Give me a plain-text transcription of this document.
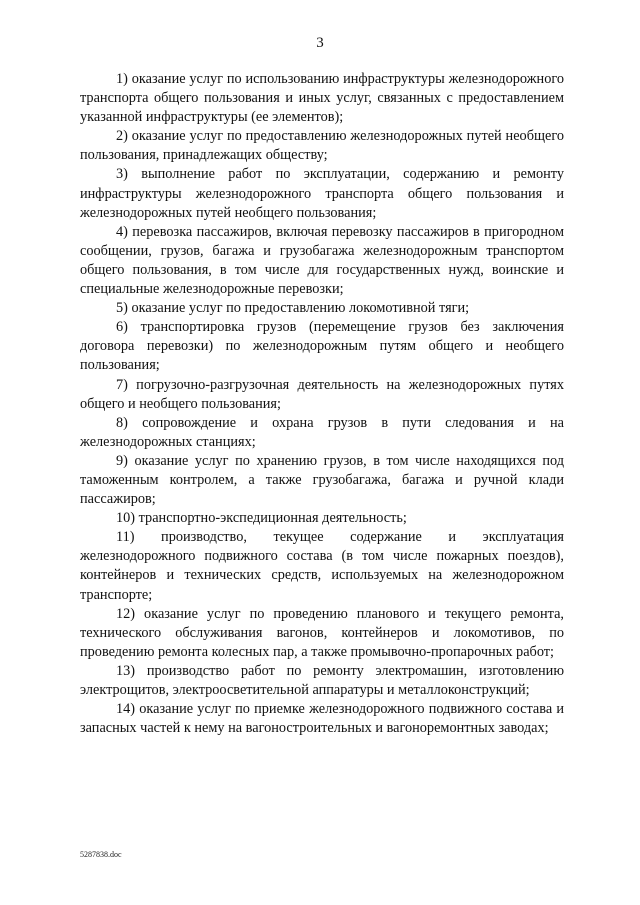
3

1) оказание услуг по использованию инфраструктуры железнодорожного транспорта общего пользования и иных услуг, связанных с предоставлением указанной инфраструктуры (ее элементов);

2) оказание услуг по предоставлению железнодорожных путей необщего пользования, принадлежащих обществу;

3) выполнение работ по эксплуатации, содержанию и ремонту инфраструктуры железнодорожного транспорта общего пользования и железнодорожных путей необщего пользования;

4) перевозка пассажиров, включая перевозку пассажиров в пригородном сообщении, грузов, багажа и грузобагажа железнодорожным транспортом общего пользования, в том числе для государственных нужд, воинские и специальные железнодорожные перевозки;

5) оказание услуг по предоставлению локомотивной тяги;

6) транспортировка грузов (перемещение грузов без заключения договора перевозки) по железнодорожным путям общего и необщего пользования;

7) погрузочно-разгрузочная деятельность на железнодорожных путях общего и необщего пользования;

8) сопровождение и охрана грузов в пути следования и на железнодорожных станциях;

9) оказание услуг по хранению грузов, в том числе находящихся под таможенным контролем, а также грузобагажа, багажа и ручной клади пассажиров;

10) транспортно-экспедиционная деятельность;

11) производство, текущее содержание и эксплуатация железнодорожного подвижного состава (в том числе пожарных поездов), контейнеров и технических средств, используемых на железнодорожном транспорте;

12) оказание услуг по проведению планового и текущего ремонта, технического обслуживания вагонов, контейнеров и локомотивов, по проведению ремонта колесных пар, а также промывочно-пропарочных работ;

13) производство работ по ремонту электромашин, изготовлению электрощитов, электроосветительной аппаратуры и металлоконструкций;

14) оказание услуг по приемке железнодорожного подвижного состава и запасных частей к нему на вагоностроительных и вагоноремонтных заводах;

5287838.doc
